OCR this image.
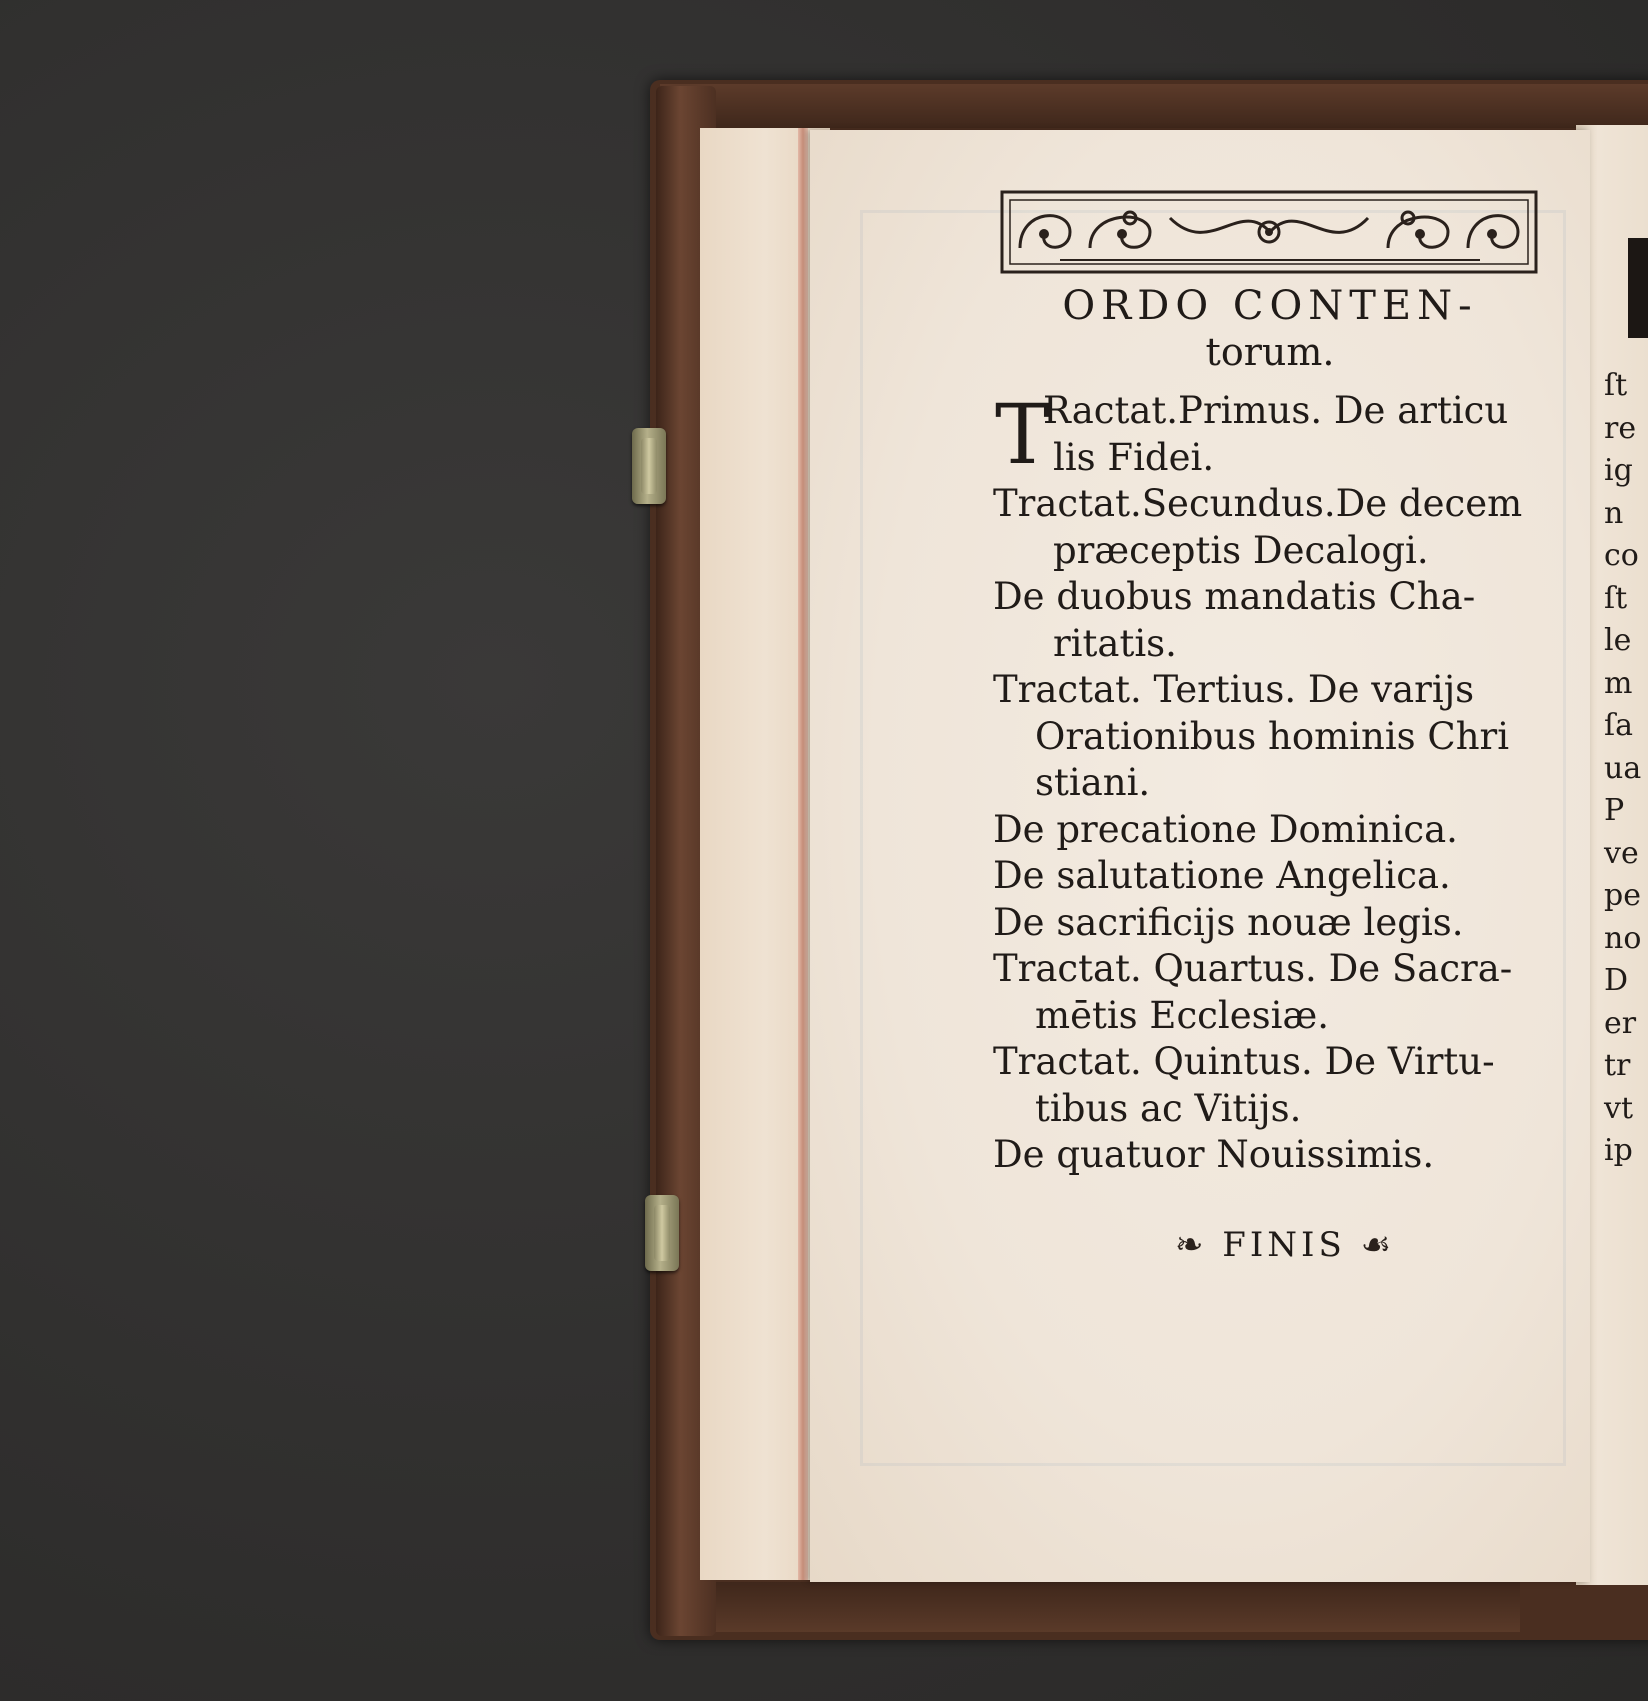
ſt
re
ig
n
co
ſt
le
m
ſa
ua
P
ve
pe
no
D
er
tr
vt
ip
ORDO CONTEN-
torum.
T
Ractat.Primus. De articu
lis Fidei.
Tractat.Secundus.De decem
præceptis Decalogi.
De duobus mandatis Cha-
ritatis.
Tractat. Tertius. De varijs
Orationibus hominis Chri
stiani.
De precatione Dominica.
De salutatione Angelica.
De sacrificijs nouæ legis.
Tractat. Quartus. De Sacra-
mētis Ecclesiæ.
Tractat. Quintus. De Virtu-
tibus ac Vitijs.
De quatuor Nouissimis.
❧ FINIS ☙
